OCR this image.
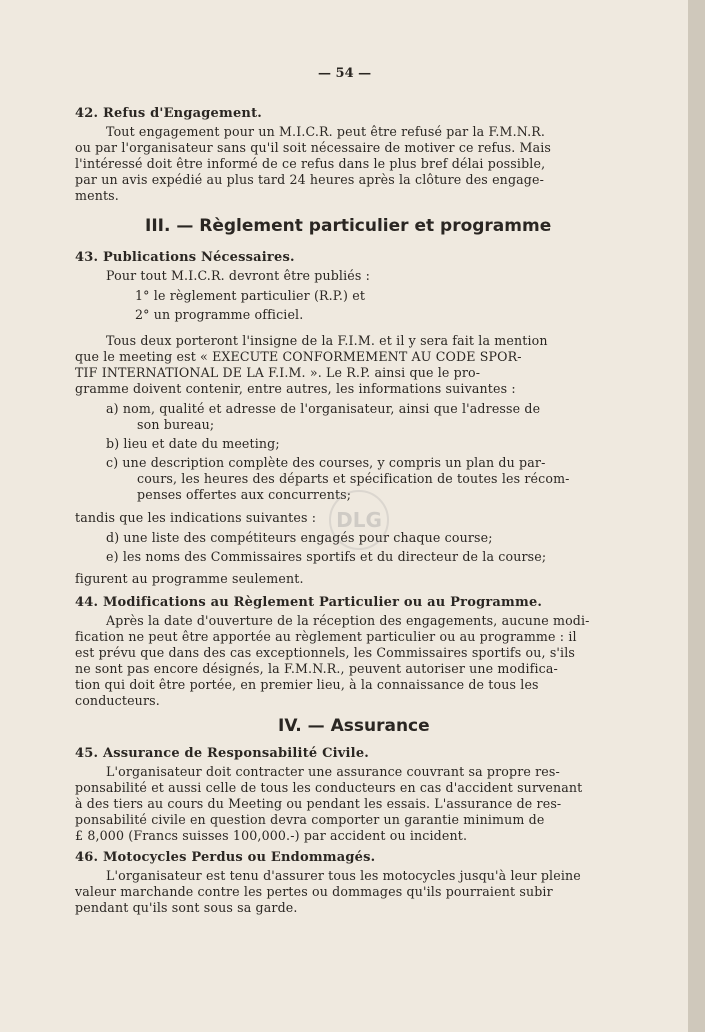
— 54 —
42. Refus d'Engagement.
Tout engagement pour un M.I.C.R. peut être refusé par la F.M.N.R.
ou par l'organisateur sans qu'il soit nécessaire de motiver ce refus. Mais
l'intéressé doit être informé de ce refus dans le plus bref délai possible,
par un avis expédié au plus tard 24 heures après la clôture des engage-
ments.
III. — Règlement particulier et programme
43. Publications Nécessaires.
Pour tout M.I.C.R. devront être publiés :
1° le règlement particulier (R.P.) et
2° un programme officiel.
Tous deux porteront l'insigne de la F.I.M. et il y sera fait la mention
que le meeting est « EXECUTE CONFORMEMENT AU CODE SPOR-
TIF INTERNATIONAL DE LA F.I.M. ». Le R.P. ainsi que le pro-
gramme doivent contenir, entre autres, les informations suivantes :
a) nom, qualité et adresse de l'organisateur, ainsi que l'adresse de
son bureau;
b) lieu et date du meeting;
c) une description complète des courses, y compris un plan du par-
cours, les heures des départs et spécification de toutes les récom-
penses offertes aux concurrents;
tandis que les indications suivantes :
d) une liste des compétiteurs engagés pour chaque course;
e) les noms des Commissaires sportifs et du directeur de la course;
figurent au programme seulement.
44. Modifications au Règlement Particulier ou au Programme.
Après la date d'ouverture de la réception des engagements, aucune modi-
fication ne peut être apportée au règlement particulier ou au programme : il
est prévu que dans des cas exceptionnels, les Commissaires sportifs ou, s'ils
ne sont pas encore désignés, la F.M.N.R., peuvent autoriser une modifica-
tion qui doit être portée, en premier lieu, à la connaissance de tous les
conducteurs.
IV. — Assurance
45. Assurance de Responsabilité Civile.
L'organisateur doit contracter une assurance couvrant sa propre res-
ponsabilité et aussi celle de tous les conducteurs en cas d'accident survenant
à des tiers au cours du Meeting ou pendant les essais. L'assurance de res-
ponsabilité civile en question devra comporter un garantie minimum de
£ 8,000 (Francs suisses 100,000.-) par accident ou incident.
46. Motocycles Perdus ou Endommagés.
L'organisateur est tenu d'assurer tous les motocycles jusqu'à leur pleine
valeur marchande contre les pertes ou dommages qu'ils pourraient subir
pendant qu'ils sont sous sa garde.
DLG
